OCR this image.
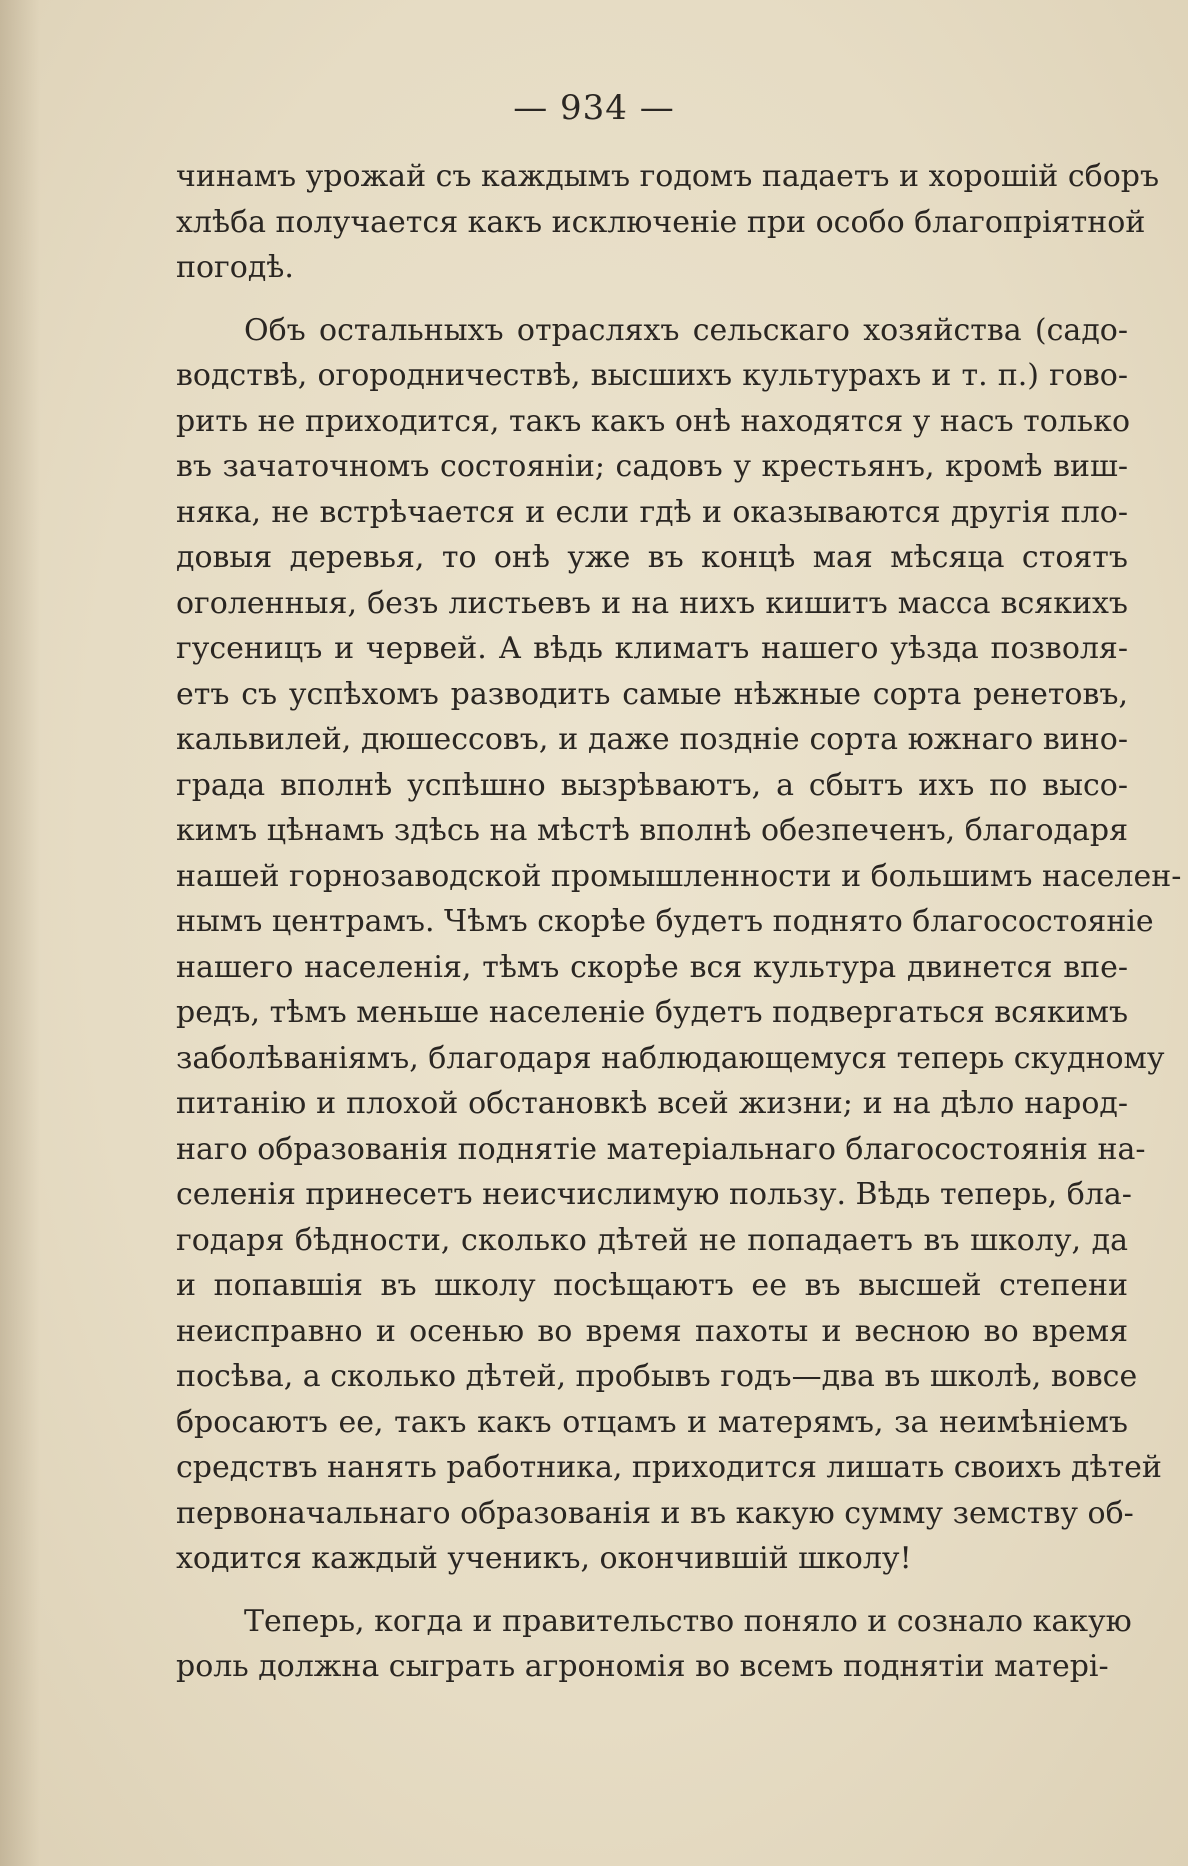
— 934 —
чинамъ урожай съ каждымъ годомъ падаетъ и хорошій сборъ
хлѣба получается какъ исключеніе при особо благопріятной
погодѣ.
Объ остальныхъ отрасляхъ сельскаго хозяйства (садо-
водствѣ, огородничествѣ, высшихъ культурахъ и т. п.) гово-
рить не приходится, такъ какъ онѣ находятся у насъ только
въ зачаточномъ состояніи; садовъ у крестьянъ, кромѣ виш-
няка, не встрѣчается и если гдѣ и оказываются другія пло-
довыя деревья, то онѣ уже въ концѣ мая мѣсяца стоятъ
оголенныя, безъ листьевъ и на нихъ кишитъ масса всякихъ
гусеницъ и червей. А вѣдь климатъ нашего уѣзда позволя-
етъ съ успѣхомъ разводить самые нѣжные сорта ренетовъ,
кальвилей, дюшессовъ, и даже поздніе сорта южнаго вино-
града вполнѣ успѣшно вызрѣваютъ, а сбытъ ихъ по высо-
кимъ цѣнамъ здѣсь на мѣстѣ вполнѣ обезпеченъ, благодаря
нашей горнозаводской промышленности и большимъ населен-
нымъ центрамъ. Чѣмъ скорѣе будетъ поднято благосостояніе
нашего населенія, тѣмъ скорѣе вся культура двинется впе-
редъ, тѣмъ меньше населеніе будетъ подвергаться всякимъ
заболѣваніямъ, благодаря наблюдающемуся теперь скудному
питанію и плохой обстановкѣ всей жизни; и на дѣло народ-
наго образованія поднятіе матеріальнаго благосостоянія на-
селенія принесетъ неисчислимую пользу. Вѣдь теперь, бла-
годаря бѣдности, сколько дѣтей не попадаетъ въ школу, да
и попавшія въ школу посѣщаютъ ее въ высшей степени
неисправно и осенью во время пахоты и весною во время
посѣва, а сколько дѣтей, пробывъ годъ—два въ школѣ, вовсе
бросаютъ ее, такъ какъ отцамъ и матерямъ, за неимѣніемъ
средствъ нанять работника, приходится лишать своихъ дѣтей
первоначальнаго образованія и въ какую сумму земству об-
ходится каждый ученикъ, окончившій школу!
Теперь, когда и правительство поняло и сознало какую
роль должна сыграть агрономія во всемъ поднятіи матері-
